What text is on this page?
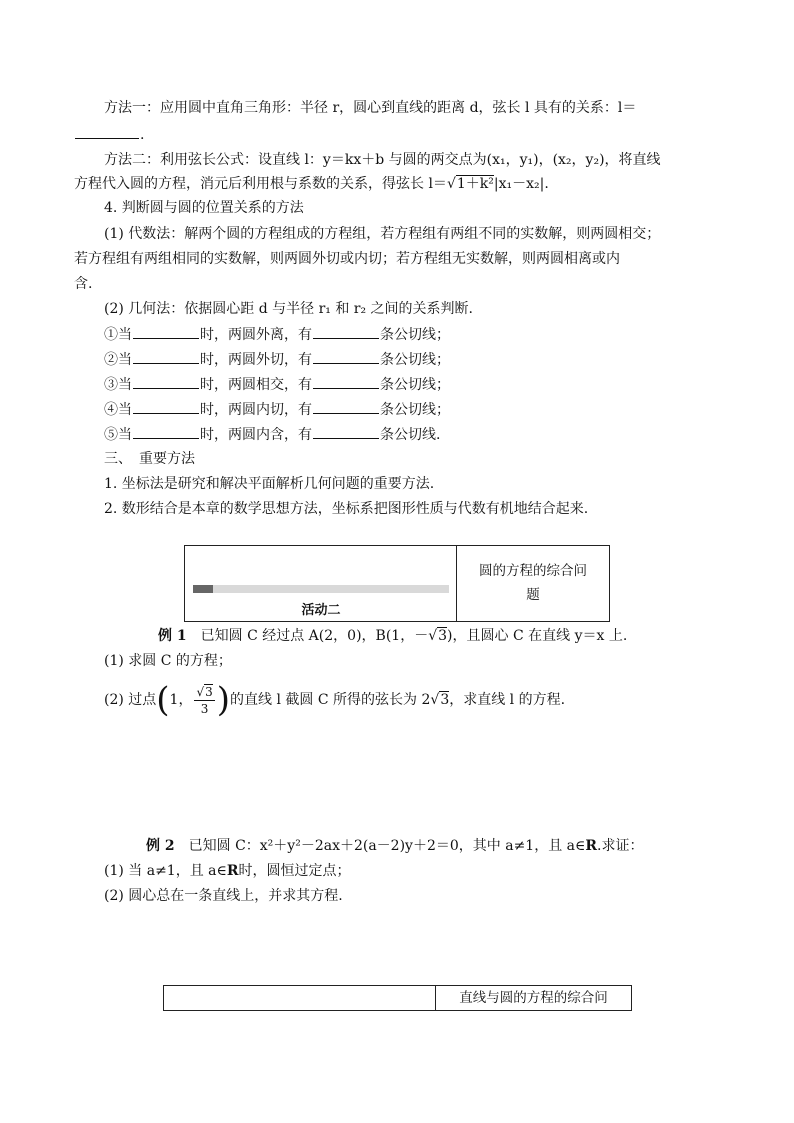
方法一：应用圆中直角三角形：半径 r，圆心到直线的距离 d，弦长 l 具有的关系：l＝
.
方法二：利用弦长公式：设直线 l：y＝kx＋b 与圆的两交点为(x₁，y₁)，(x₂，y₂)，将直线
方程代入圆的方程，消元后利用根与系数的关系，得弦长 l＝√1＋k²|x₁－x₂|.
4. 判断圆与圆的位置关系的方法
(1) 代数法：解两个圆的方程组成的方程组，若方程组有两组不同的实数解，则两圆相交；
若方程组有两组相同的实数解，则两圆外切或内切；若方程组无实数解，则两圆相离或内
含.
(2) 几何法：依据圆心距 d 与半径 r₁ 和 r₂ 之间的关系判断.
①当	时，两圆外离，有	条公切线；
②当	时，两圆外切，有	条公切线；
③当	时，两圆相交，有	条公切线；
④当	时，两圆内切，有	条公切线；
⑤当	时，两圆内含，有	条公切线.
三、　重要方法
1. 坐标法是研究和解决平面解析几何问题的重要方法.
2. 数形结合是本章的数学思想方法，坐标系把图形性质与代数有机地结合起来.
活动二
圆的方程的综合问
题
例 1　已知圆 C 经过点 A(2，0)，B(1，－√3)，且圆心 C 在直线 y＝x 上.
(1) 求圆 C 的方程；
(2) 过点(1， $\frac{√3}{3}$ )的直线 l 截圆 C 所得的弦长为 2√3，求直线 l 的方程.
例 2　已知圆 C：x²＋y²－2ax＋2(a－2)y＋2＝0，其中 a≠1，且 a∈R.求证：
(1) 当 a≠1，且 a∈R时，圆恒过定点；
(2) 圆心总在一条直线上，并求其方程.
直线与圆的方程的综合问
